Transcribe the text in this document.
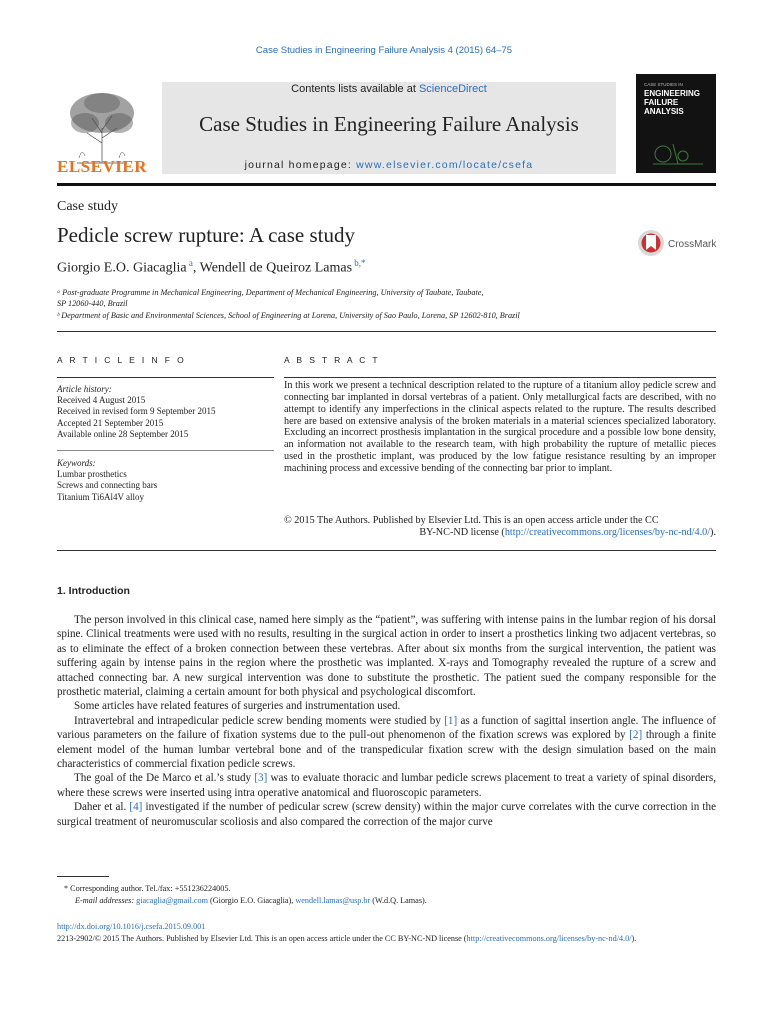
Case Studies in Engineering Failure Analysis 4 (2015) 64–75
ELSEVIER
Contents lists available at ScienceDirect
Case Studies in Engineering Failure Analysis
journal homepage: www.elsevier.com/locate/csefa
CASE STUDIES IN
ENGINEERING
FAILURE
ANALYSIS
Case study
Pedicle screw rupture: A case study	CrossMark
Giorgio E.O. Giacaglia $^a$, Wendell de Queiroz Lamas $^{b,*}$
ᵃ Post-graduate Programme in Mechanical Engineering, Department of Mechanical Engineering, University of Taubate, Taubate,
SP 12060-440, Brazil
ᵇ Department of Basic and Environmental Sciences, School of Engineering at Lorena, University of Sao Paulo, Lorena, SP 12602-810, Brazil
A R T I C L E I N F O
Article history:
Received 4 August 2015
Received in revised form 9 September 2015
Accepted 21 September 2015
Available online 28 September 2015
Keywords:
Lumbar prosthetics
Screws and connecting bars
Titanium Ti6Al4V alloy
A B S T R A C T
In this work we present a technical description related to the rupture of a titanium alloy pedicle screw and connecting bar implanted in dorsal vertebras of a patient. Only metallurgical facts are described, with no attempt to identify any imperfections in the clinical aspects related to the rupture. The results described here are based on extensive analysis of the broken materials in a material sciences specialized laboratory. Excluding an incorrect prosthesis implantation in the surgical procedure and a possible low bone density, an information not available to the research team, with high probability the rupture of metallic pieces used in the prosthetic implant, was produced by the low fatigue resistance resulting by an improper machining process and excessive bending of the connecting bar prior to implant.
© 2015 The Authors. Published by Elsevier Ltd. This is an open access article under the CC
BY-NC-ND license (http://creativecommons.org/licenses/by-nc-nd/4.0/).
1. Introduction

The person involved in this clinical case, named here simply as the “patient”, was suffering with intense pains in the lumbar region of his dorsal spine. Clinical treatments were used with no results, resulting in the surgical action in order to insert a prosthetics linking two adjacent vertebras, so as to eliminate the effect of a broken connection between these vertebras. After about six months from the surgical intervention, the patient was suffering again by intense pains in the region where the prosthetic was implanted. X-rays and Tomography revealed the rupture of a screw and attached connecting bar. A new surgical intervention was done to substitute the prosthetic. The patient sued the company responsible for the prosthetic material, claiming a certain amount for both physical and psychological discomfort.

Some articles have related features of surgeries and instrumentation used.

Intravertebral and intrapedicular pedicle screw bending moments were studied by [1] as a function of sagittal insertion angle. The influence of various parameters on the failure of fixation systems due to the pull-out phenomenon of the fixation screws was explored by [2] through a finite element model of the human lumbar vertebral bone and of the transpedicular fixation screw with the design simulation based on the main characteristics of commercial fixation pedicle screws.

The goal of the De Marco et al.’s study [3] was to evaluate thoracic and lumbar pedicle screws placement to treat a variety of spinal disorders, where these screws were inserted using intra operative anatomical and fluoroscopic parameters.

Daher et al. [4] investigated if the number of pedicular screw (screw density) within the major curve correlates with the curve correction in the surgical treatment of neuromuscular scoliosis and also compared the correction of the major curve

* Corresponding author. Tel./fax: +551236224005.
E-mail addresses: giacaglia@gmail.com (Giorgio E.O. Giacaglia), wendell.lamas@usp.br (W.d.Q. Lamas).
http://dx.doi.org/10.1016/j.csefa.2015.09.001
2213-2902/© 2015 The Authors. Published by Elsevier Ltd. This is an open access article under the CC BY-NC-ND license (http://creativecommons.org/licenses/by-nc-nd/4.0/).
